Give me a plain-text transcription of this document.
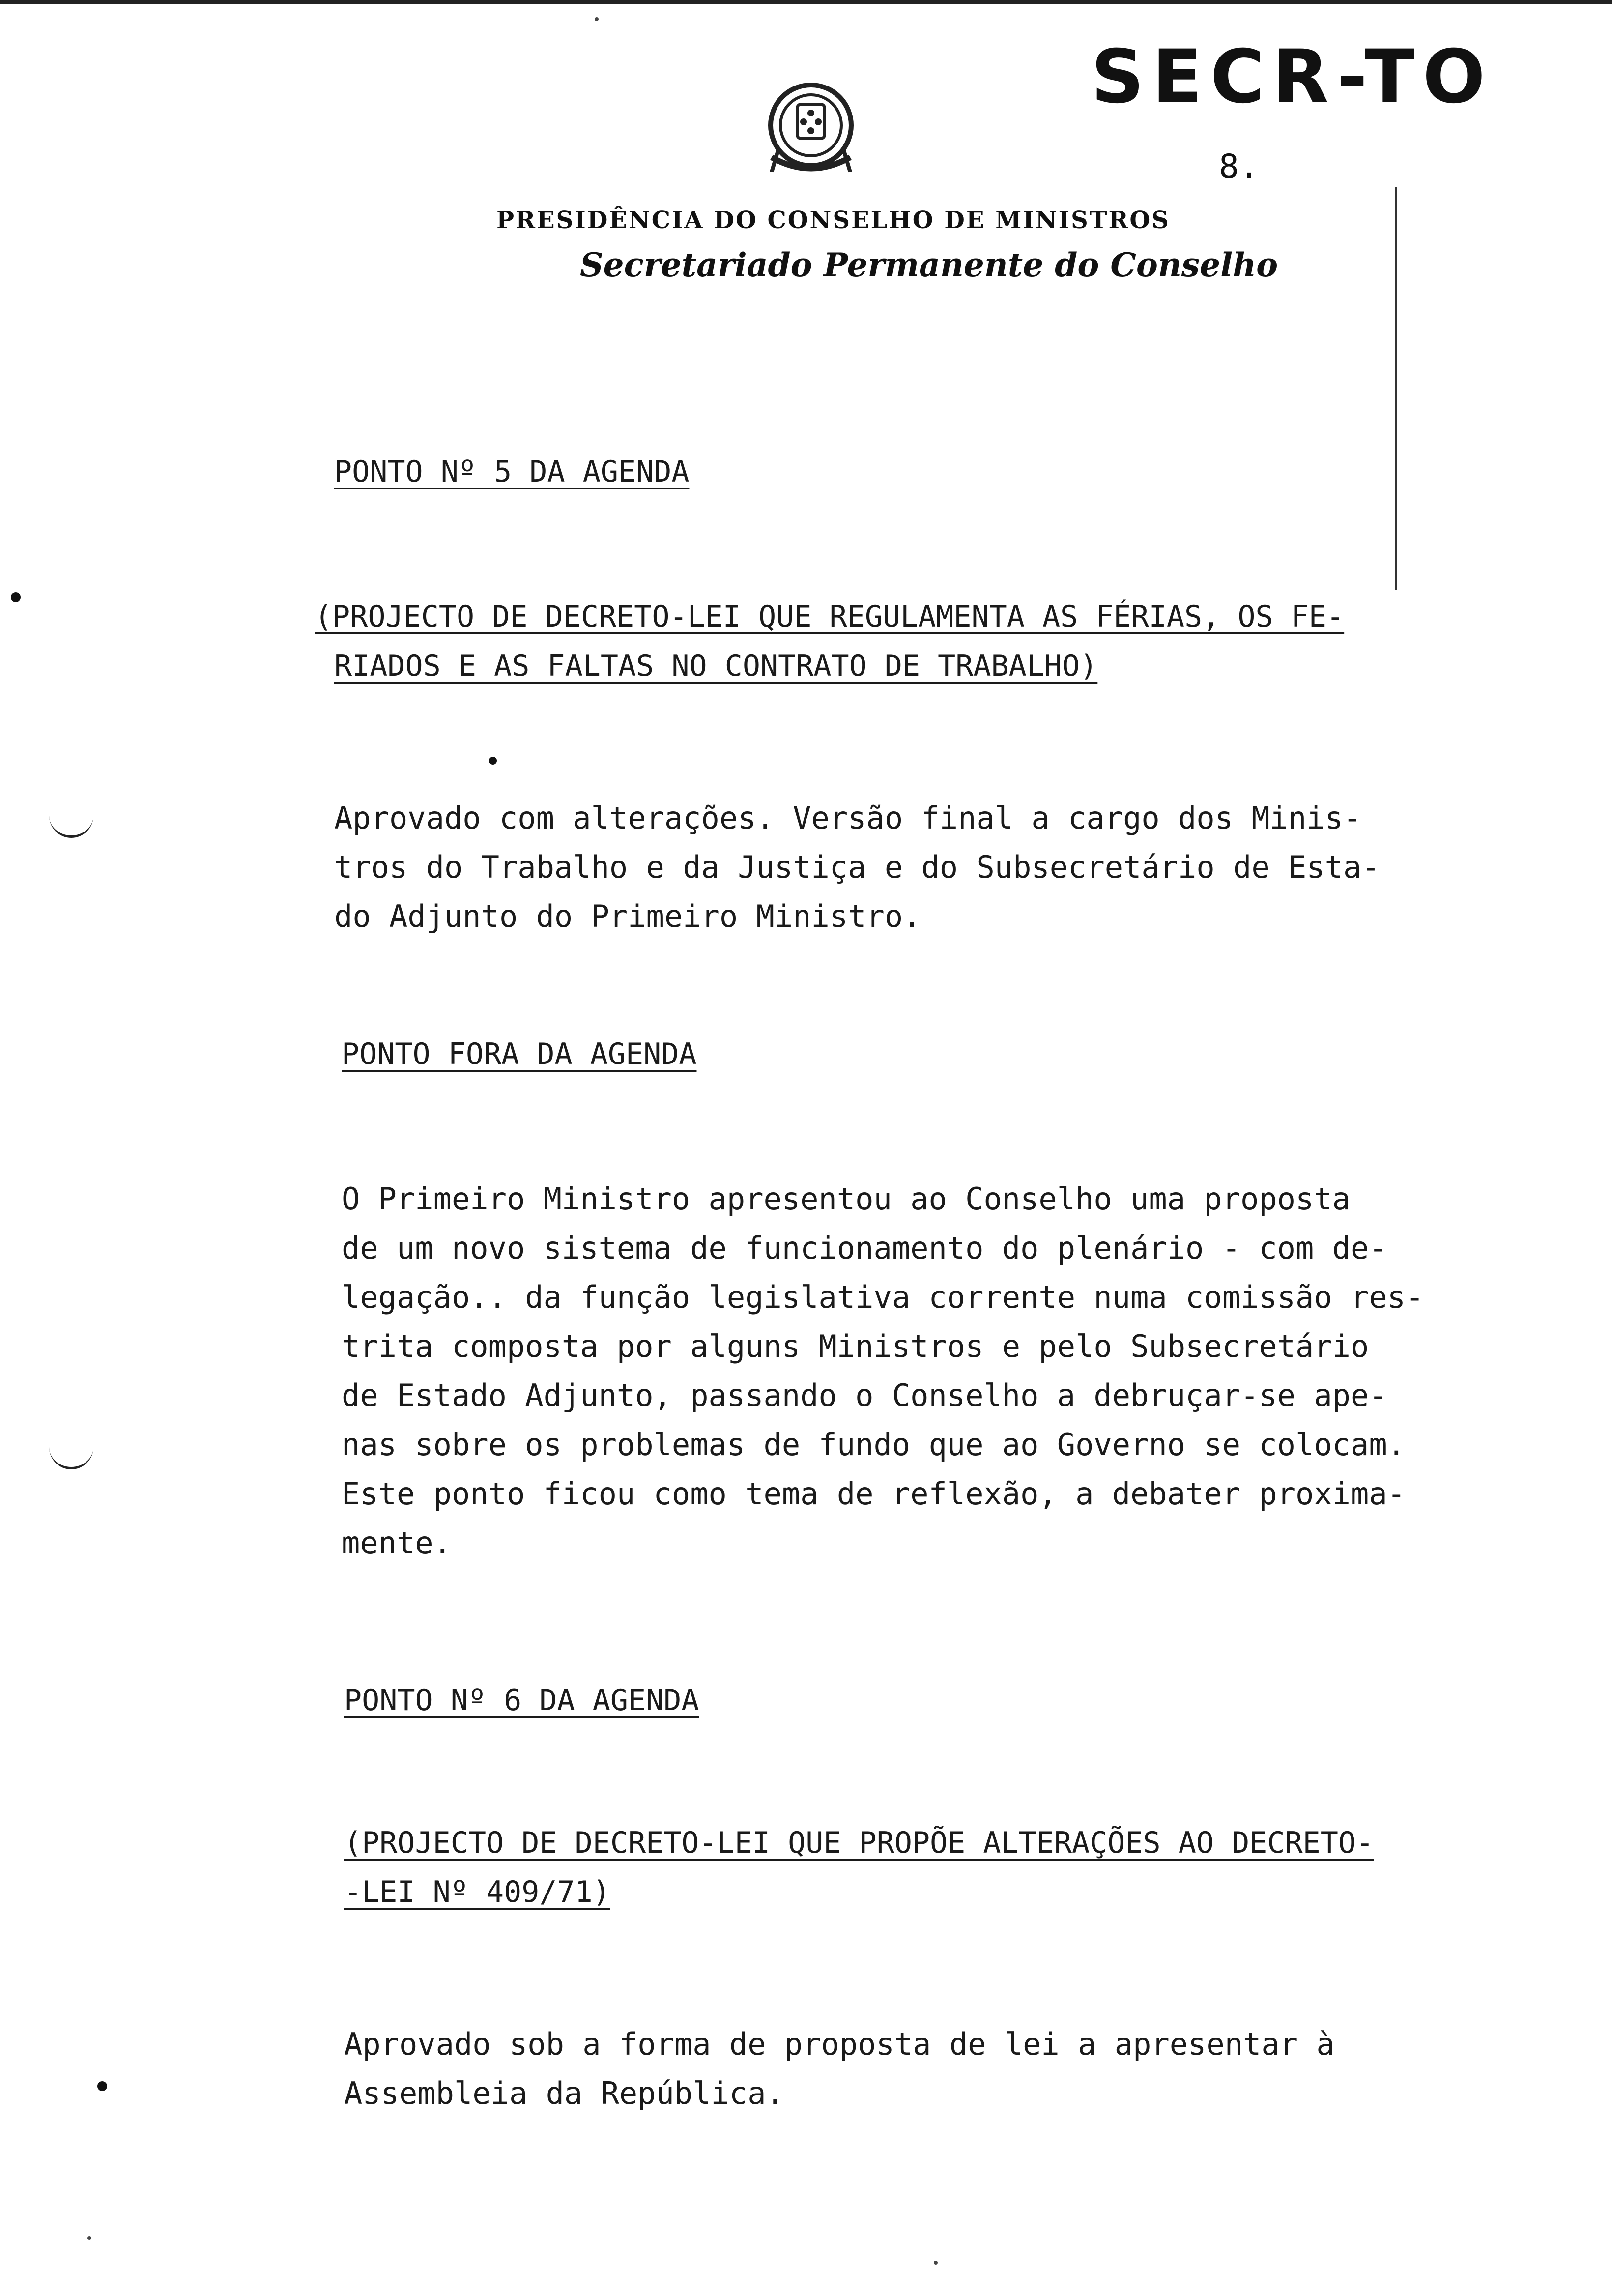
SECR-TO
8.
PRESIDÊNCIA DO CONSELHO DE MINISTROS
Secretariado Permanente do Conselho
PONTO Nº 5 DA AGENDA
(PROJECTO DE DECRETO-LEI QUE REGULAMENTA AS FÉRIAS, OS FE-
RIADOS E AS FALTAS NO CONTRATO DE TRABALHO)
Aprovado com alterações. Versão final a cargo dos Minis-
tros do Trabalho e da Justiça e do Subsecretário de Esta-
do Adjunto do Primeiro Ministro.
PONTO FORA DA AGENDA
O Primeiro Ministro apresentou ao Conselho uma proposta
de um novo sistema de funcionamento do plenário - com de-
legação.. da função legislativa corrente numa comissão res-
trita composta por alguns Ministros e pelo Subsecretário
de Estado Adjunto, passando o Conselho a debruçar-se ape-
nas sobre os problemas de fundo que ao Governo se colocam.
Este ponto ficou como tema de reflexão, a debater proxima-
mente.
PONTO Nº 6 DA AGENDA
(PROJECTO DE DECRETO-LEI QUE PROPÕE ALTERAÇÕES AO DECRETO-
-LEI Nº 409/71)
Aprovado sob a forma de proposta de lei a apresentar à
Assembleia da República.
